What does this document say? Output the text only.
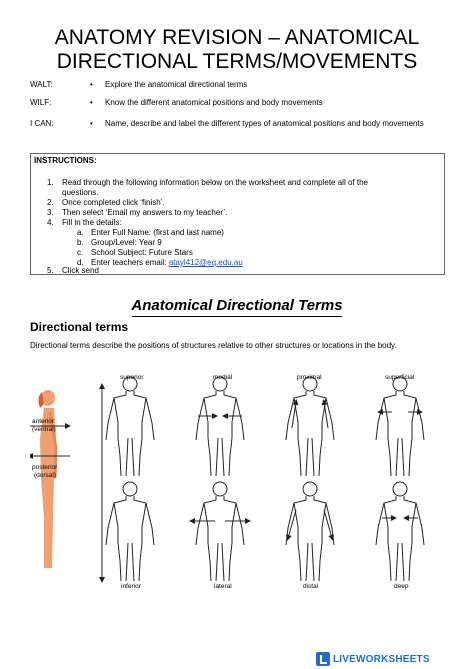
ANATOMY REVISION – ANATOMICAL
DIRECTIONAL TERMS/MOVEMENTS
WALT:	• Explore the anatomical directional terms
WILF:	• Know the different anatomical positions and body movements
I CAN:	• Name, describe and label the different types of anatomical positions and body movements
INSTRUCTIONS:
1. Read through the following information below on the worksheet and complete all of the
questions.
2. Once completed click ‘finish’.
3. Then select ‘Email my answers to my teacher’.
4. Fill in the details:
a. Enter Full Name: (first and last name)
b. Group/Level: Year 9
c. School Subject: Future Stars
d. Enter teachers email: atayl412@eq.edu.au
5. Click send
Anatomical Directional Terms
Directional terms
Directional terms describe the positions of structures relative to other structures or locations in the body.
anterior
(ventral)
posterior
(dorsal)
superior	medial	proximal	superficial
inferior	lateral	distal	deep
LIVEWORKSHEETS
